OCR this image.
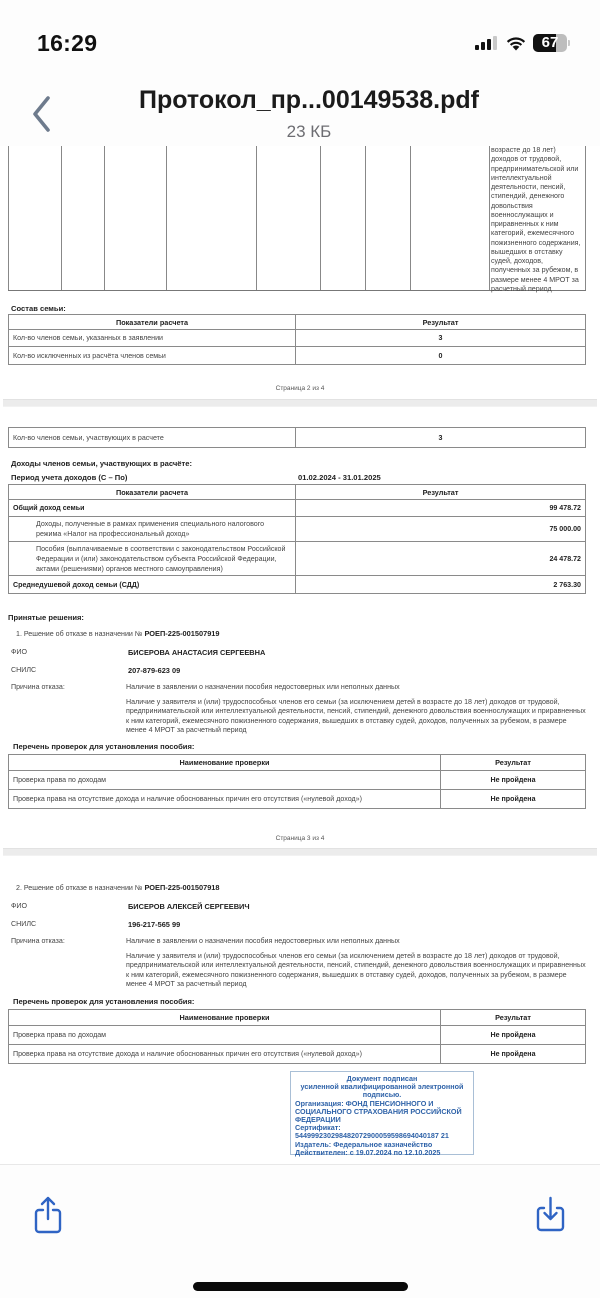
16:29	67
Протокол_пр...00149538.pdf
23 КБ
возрасте до 18 лет) доходов от трудовой, предпринимательской или интеллектуальной деятельности, пенсий, стипендий, денежного довольствия военнослужащих и приравненных к ним категорий, ежемесячного пожизненного содержания, вышедших в отставку судей, доходов, полученных за рубежом, в размере менее 4 МРОТ за расчетный период
Состав семьи:
Показатели расчета	Результат
Кол-во членов семьи, указанных в заявлении	3
Кол-во исключенных из расчёта членов семьи	0
Страница 2 из 4
Кол-во членов семьи, участвующих в расчете	3
Доходы членов семьи, участвующих в расчёте:
Период учета доходов (С – По)	01.02.2024 - 31.01.2025
Показатели расчета	Результат
Общий доход семьи	99 478.72
Доходы, полученные в рамках применения специального налогового режима «Налог на профессиональный доход»	75 000.00
Пособия (выплачиваемые в соответствии с законодательством Российской Федерации и (или) законодательством субъекта Российской Федерации, актами (решениями) органов местного самоуправления)	24 478.72
Среднедушевой доход семьи (СДД)	2 763.30
Принятые решения:
1. Решение об отказе в назначении № РОЕП-225-001507919
ФИО	БИСЕРОВА АНАСТАСИЯ СЕРГЕЕВНА
СНИЛС	207-879-623 09
Причина отказа:	Наличие в заявлении о назначении пособия недостоверных или неполных данных
Наличие у заявителя и (или) трудоспособных членов его семьи (за исключением детей в возрасте до 18 лет) доходов от трудовой, предпринимательской или интеллектуальной деятельности, пенсий, стипендий, денежного довольствия военнослужащих и приравненных к ним категорий, ежемесячного пожизненного содержания, вышедших в отставку судей, доходов, полученных за рубежом, в размере менее 4 МРОТ за расчетный период
Перечень проверок для установления пособия:
Наименование проверки	Результат
Проверка права по доходам	Не пройдена
Проверка права на отсутствие дохода и наличие обоснованных причин его отсутствия («нулевой доход»)	Не пройдена
Страница 3 из 4
2. Решение об отказе в назначении № РОЕП-225-001507918
ФИО	БИСЕРОВ АЛЕКСЕЙ СЕРГЕЕВИЧ
СНИЛС	196-217-565 99
Причина отказа:	Наличие в заявлении о назначении пособия недостоверных или неполных данных
Наличие у заявителя и (или) трудоспособных членов его семьи (за исключением детей в возрасте до 18 лет) доходов от трудовой, предпринимательской или интеллектуальной деятельности, пенсий, стипендий, денежного довольствия военнослужащих и приравненных к ним категорий, ежемесячного пожизненного содержания, вышедших в отставку судей, доходов, полученных за рубежом, в размере менее 4 МРОТ за расчетный период
Перечень проверок для установления пособия:
Наименование проверки	Результат
Проверка права по доходам	Не пройдена
Проверка права на отсутствие дохода и наличие обоснованных причин его отсутствия («нулевой доход»)	Не пройдена
Документ подписан
усиленной квалифицированной электронной
подписью.
Организация: ФОНД ПЕНСИОННОГО И СОЦИАЛЬНОГО СТРАХОВАНИЯ РОССИЙСКОЙ ФЕДЕРАЦИИ
Сертификат:
544999230298482072900059598694040187 21
Издатель: Федеральное казначейство
Действителен: с 19.07.2024 по 12.10.2025
